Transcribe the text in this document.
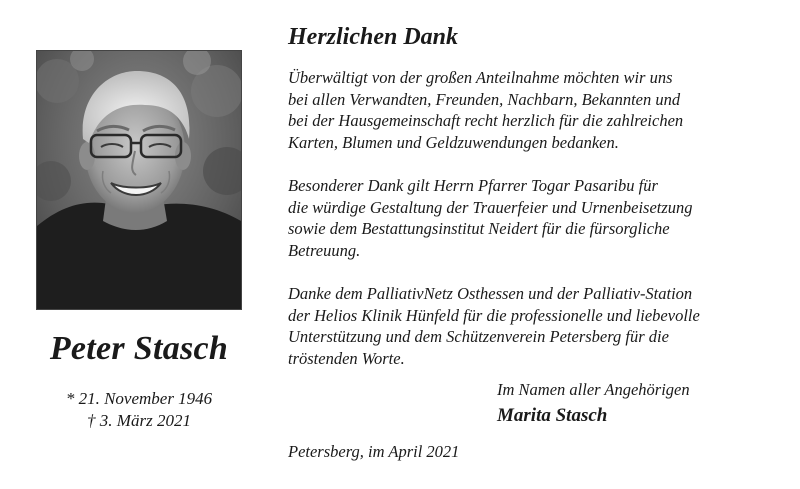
Peter Stasch
* 21. November 1946
† 3. März 2021
Herzlichen Dank
Überwältigt von der großen Anteilnahme möchten wir uns
bei allen Verwandten, Freunden, Nachbarn, Bekannten und
bei der Hausgemeinschaft recht herzlich für die zahlreichen
Karten, Blumen und Geldzuwendungen bedanken.
Besonderer Dank gilt Herrn Pfarrer Togar Pasaribu für
die würdige Gestaltung der Trauerfeier und Urnenbeisetzung
sowie dem Bestattungsinstitut Neidert für die fürsorgliche
Betreuung.
Danke dem PalliativNetz Osthessen und der Palliativ-Station
der Helios Klinik Hünfeld für die professionelle und liebevolle
Unterstützung und dem Schützenverein Petersberg für die
tröstenden Worte.
Im Namen aller Angehörigen
Marita Stasch
Petersberg, im April 2021
